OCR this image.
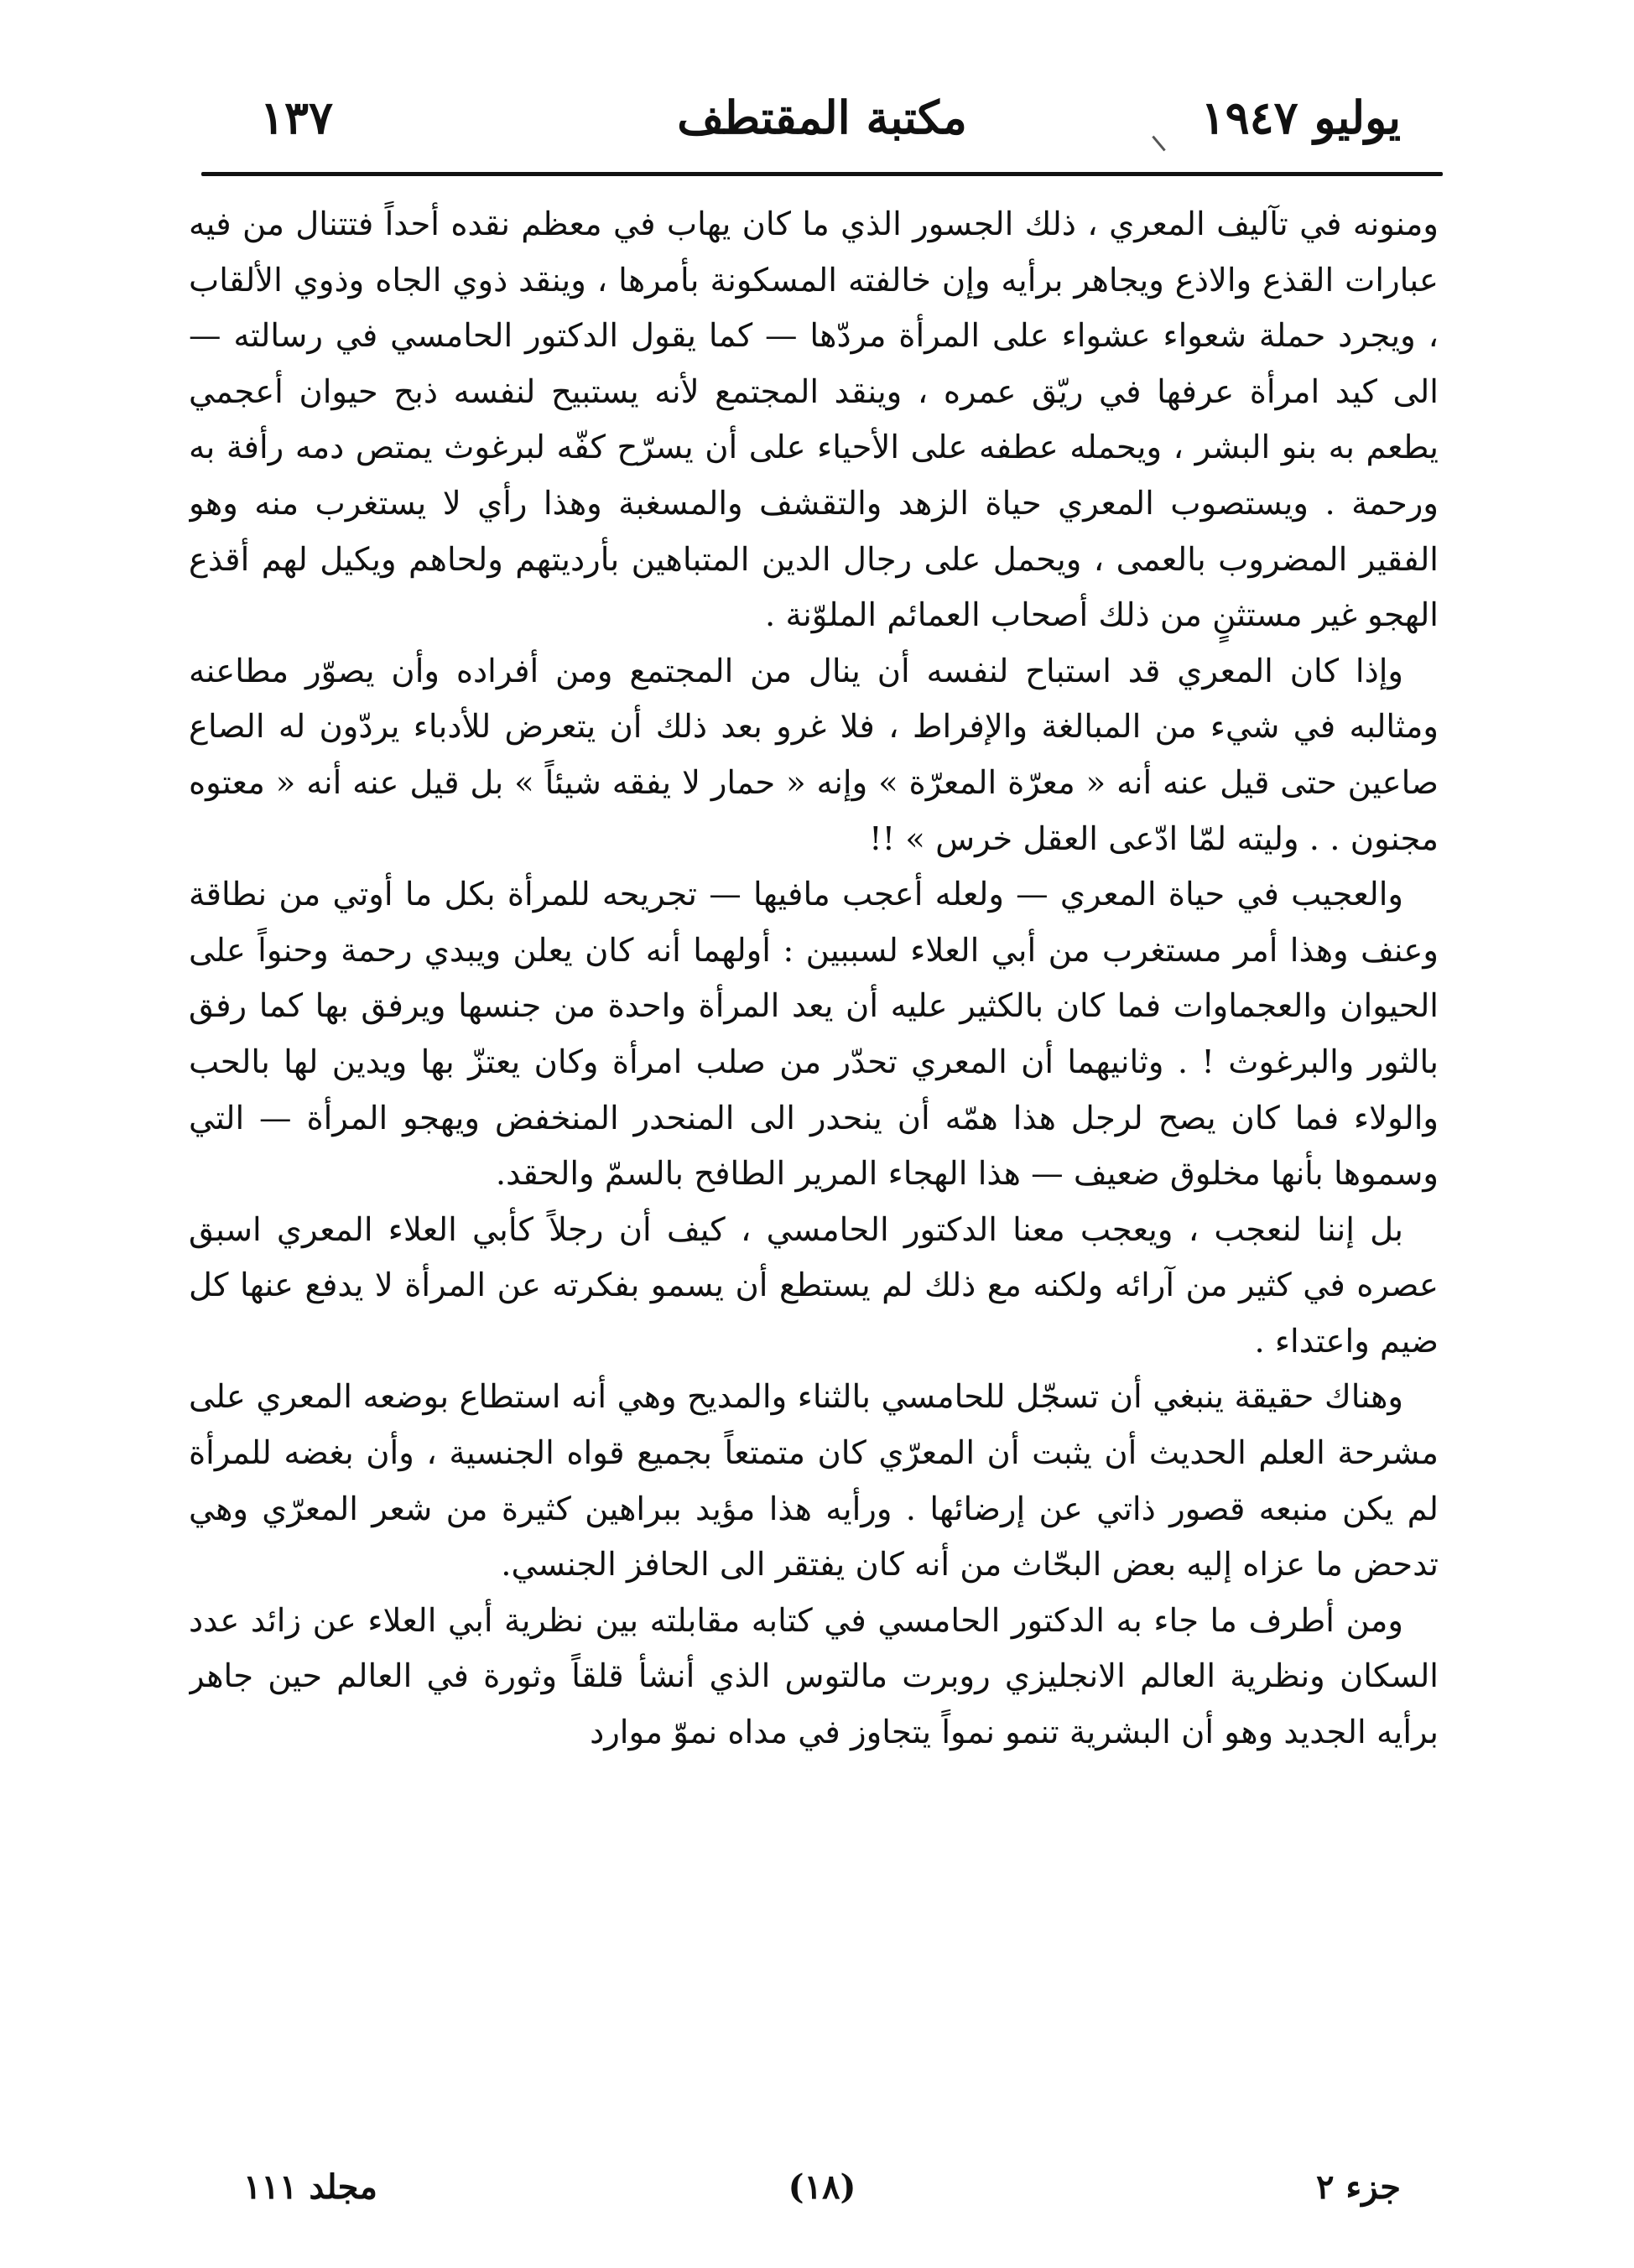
١٣٧	مكتبة المقتطف	يوليو ١٩٤٧

ومنونه في تآليف المعري ، ذلك الجسور الذي ما كان يهاب في معظم نقده أحداً فتتنال من فيه عبارات القذع والاذع ويجاهر برأيه وإن خالفته المسكونة بأمرها ، وينقد ذوي الجاه وذوي الألقاب ، ويجرد حملة شعواء عشواء على المرأة مردّها — كما يقول الدكتور الحامسي في رسالته — الى كيد امرأة عرفها في ريّق عمره ، وينقد المجتمع لأنه يستبيح لنفسه ذبح حيوان أعجمي يطعم به بنو البشر ، ويحمله عطفه على الأحياء على أن يسرّح كفّه لبرغوث يمتص دمه رأفة به ورحمة . ويستصوب المعري حياة الزهد والتقشف والمسغبة وهذا رأي لا يستغرب منه وهو الفقير المضروب بالعمى ، ويحمل على رجال الدين المتباهين بأرديتهم ولحاهم ويكيل لهم أقذع الهجو غير مستثنٍ من ذلك أصحاب العمائم الملوّنة .

وإذا كان المعري قد استباح لنفسه أن ينال من المجتمع ومن أفراده وأن يصوّر مطاعنه ومثالبه في شيء من المبالغة والإفراط ، فلا غرو بعد ذلك أن يتعرض للأدباء يردّون له الصاع صاعين حتى قيل عنه أنه « معرّة المعرّة » وإنه « حمار لا يفقه شيئاً » بل قيل عنه أنه « معتوه مجنون . . وليته لمّا ادّعى العقل خرس » !!

والعجيب في حياة المعري — ولعله أعجب مافيها — تجريحه للمرأة بكل ما أوتي من نطاقة وعنف وهذا أمر مستغرب من أبي العلاء لسببين : أولهما أنه كان يعلن ويبدي رحمة وحنواً على الحيوان والعجماوات فما كان بالكثير عليه أن يعد المرأة واحدة من جنسها ويرفق بها كما رفق بالثور والبرغوث ! . وثانيهما أن المعري تحدّر من صلب امرأة وكان يعتزّ بها ويدين لها بالحب والولاء فما كان يصح لرجل هذا همّه أن ينحدر الى المنحدر المنخفض ويهجو المرأة — التي وسموها بأنها مخلوق ضعيف — هذا الهجاء المرير الطافح بالسمّ والحقد.

بل إننا لنعجب ، ويعجب معنا الدكتور الحامسي ، كيف أن رجلاً كأبي العلاء المعري اسبق عصره في كثير من آرائه ولكنه مع ذلك لم يستطع أن يسمو بفكرته عن المرأة لا يدفع عنها كل ضيم واعتداء .

وهناك حقيقة ينبغي أن تسجّل للحامسي بالثناء والمديح وهي أنه استطاع بوضعه المعري على مشرحة العلم الحديث أن يثبت أن المعرّي كان متمتعاً بجميع قواه الجنسية ، وأن بغضه للمرأة لم يكن منبعه قصور ذاتي عن إرضائها . ورأيه هذا مؤيد ببراهين كثيرة من شعر المعرّي وهي تدحض ما عزاه إليه بعض البحّاث من أنه كان يفتقر الى الحافز الجنسي.

ومن أطرف ما جاء به الدكتور الحامسي في كتابه مقابلته بين نظرية أبي العلاء عن زائد عدد السكان ونظرية العالم الانجليزي روبرت مالتوس الذي أنشأ قلقاً وثورة في العالم حين جاهر برأيه الجديد وهو أن البشرية تنمو نمواً يتجاوز في مداه نموّ موارد

مجلد ١١١	(١٨)	جزء ٢
